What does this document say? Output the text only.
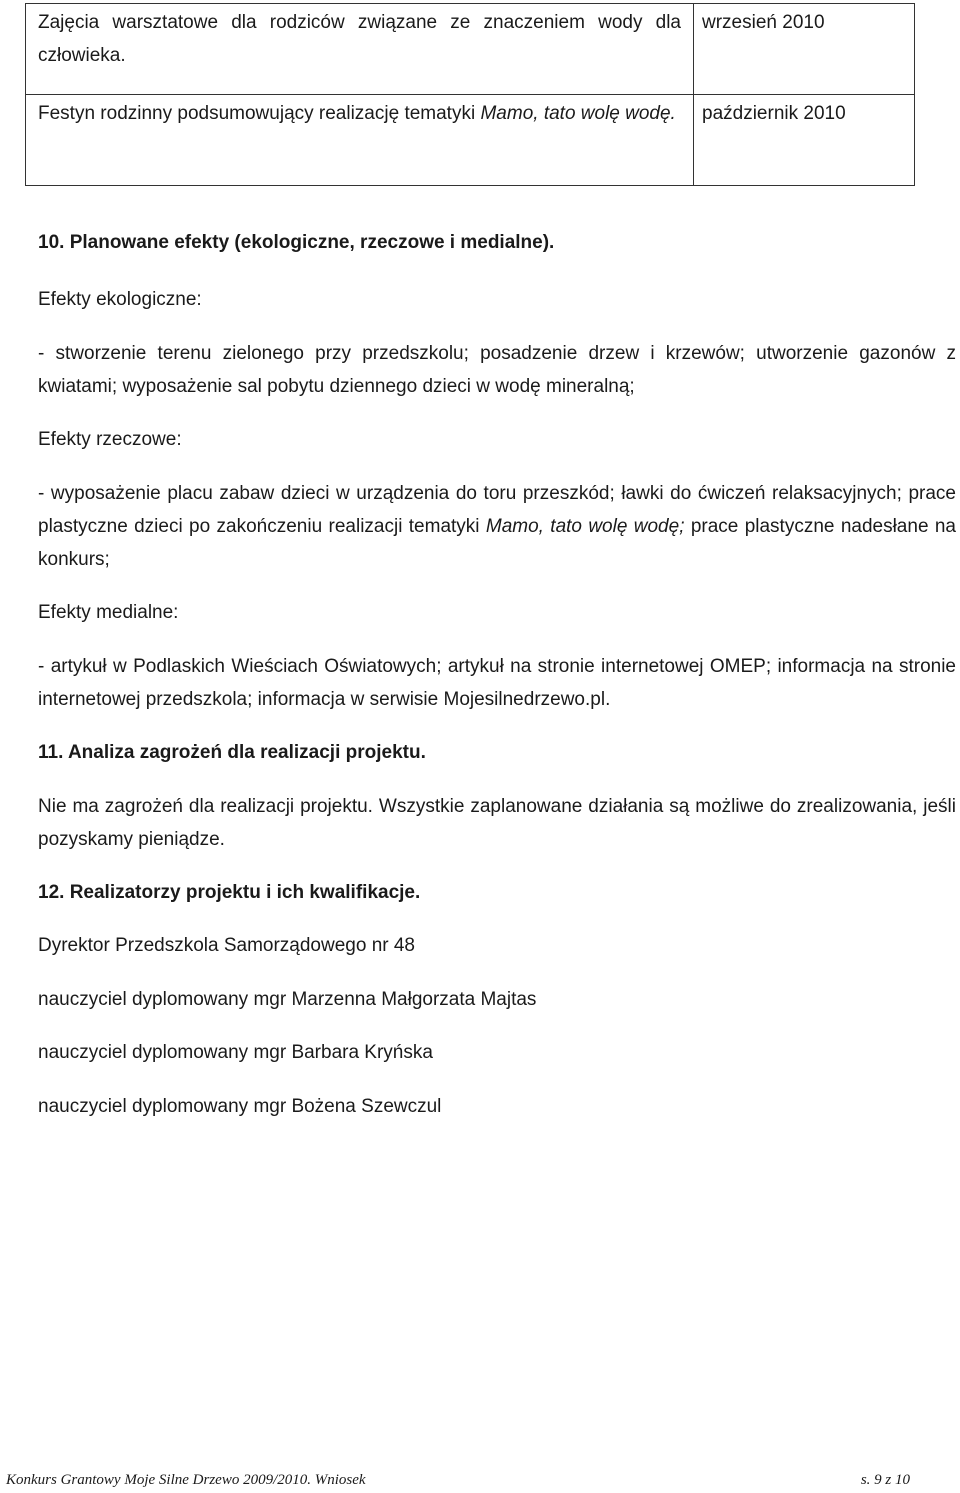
Zajęcia warsztatowe dla rodziców związane ze znaczeniem wody dla człowieka.	wrzesień 2010
Festyn rodzinny podsumowujący realizację tematyki Mamo, tato wolę wodę.	październik 2010
10. Planowane efekty (ekologiczne, rzeczowe i medialne).
Efekty ekologiczne:
- stworzenie terenu zielonego przy przedszkolu; posadzenie drzew i krzewów; utworzenie gazonów z kwiatami; wyposażenie sal pobytu dziennego dzieci w wodę mineralną;
Efekty rzeczowe:
- wyposażenie placu zabaw dzieci w urządzenia do toru przeszkód; ławki do ćwiczeń relaksacyjnych; prace plastyczne dzieci po zakończeniu realizacji tematyki Mamo, tato wolę wodę; prace plastyczne nadesłane na konkurs;
Efekty medialne:
- artykuł w Podlaskich Wieściach Oświatowych; artykuł na stronie internetowej OMEP; informacja na stronie internetowej przedszkola; informacja w serwisie Mojesilnedrzewo.pl.
11. Analiza zagrożeń dla realizacji projektu.
Nie ma zagrożeń dla realizacji projektu. Wszystkie zaplanowane działania są możliwe do zrealizowania, jeśli pozyskamy pieniądze.
12. Realizatorzy projektu i ich kwalifikacje.
Dyrektor Przedszkola Samorządowego nr 48
nauczyciel dyplomowany mgr Marzenna Małgorzata Majtas
nauczyciel dyplomowany mgr Barbara Kryńska
nauczyciel dyplomowany mgr Bożena Szewczul
Konkurs Grantowy Moje Silne Drzewo 2009/2010. Wniosek	s. 9 z 10
